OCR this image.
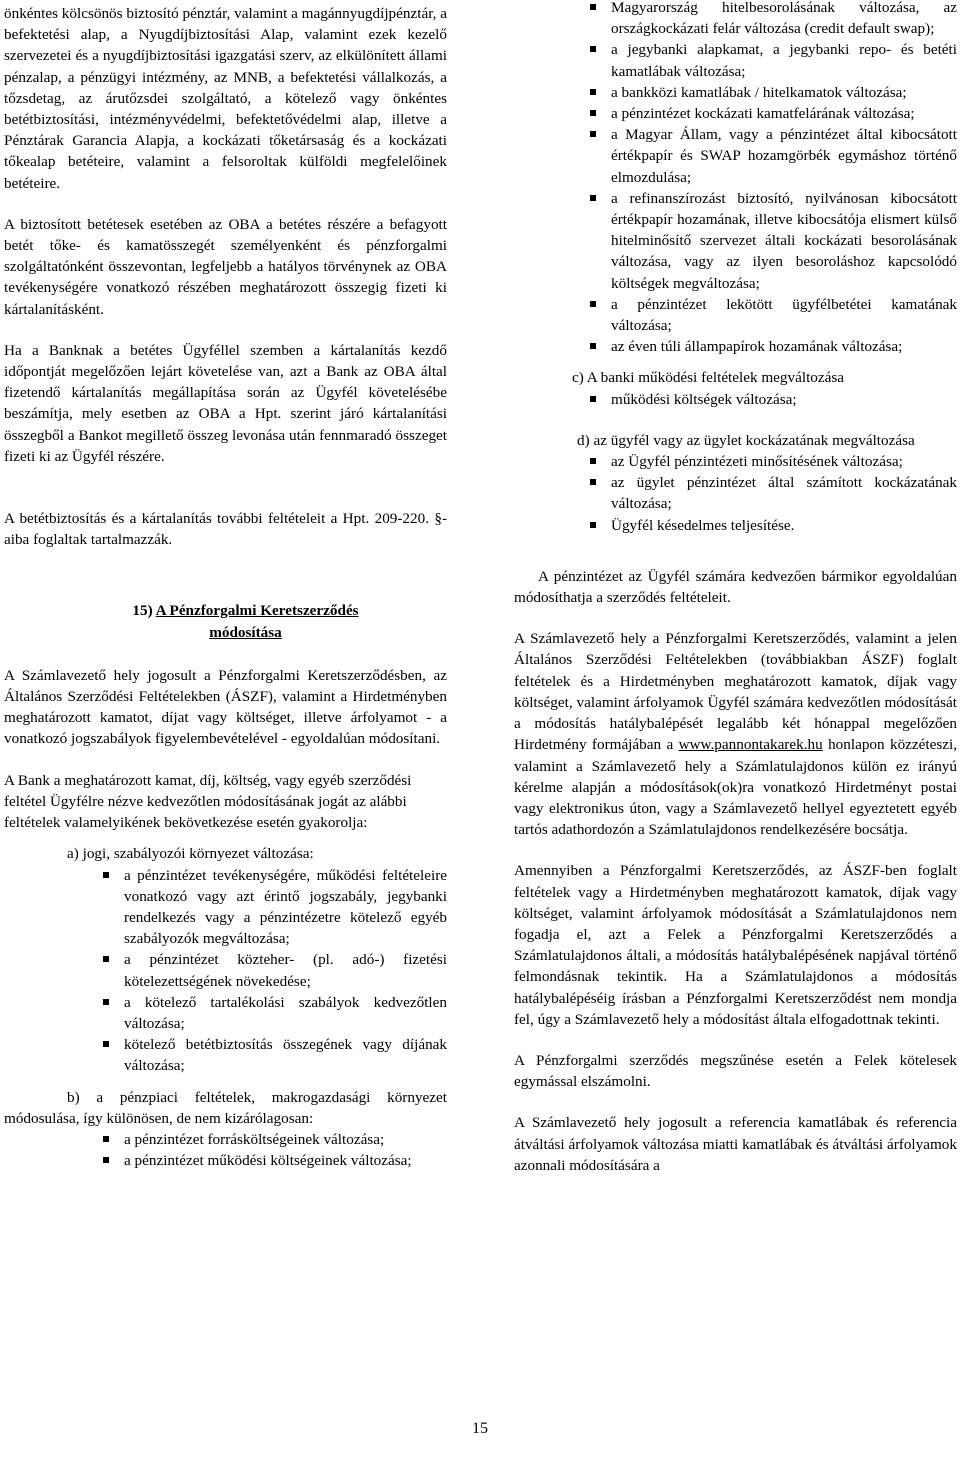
önkéntes kölcsönös biztosító pénztár, valamint a magánnyugdíjpénztár, a befektetési alap, a Nyugdíjbiztosítási Alap, valamint ezek kezelő szervezetei és a nyugdíjbiztosítási igazgatási szerv, az elkülönített állami pénzalap, a pénzügyi intézmény, az MNB, a befektetési vállalkozás, a tőzsdetag, az árutőzsdei szolgáltató, a kötelező vagy önkéntes betétbiztosítási, intézményvédelmi, befektetővédelmi alap, illetve a Pénztárak Garancia Alapja, a kockázati tőketársaság és a kockázati tőkealap betéteire, valamint a felsoroltak külföldi megfelelőinek betéteire.

A biztosított betétesek esetében az OBA a betétes részére a befagyott betét tőke- és kamatösszegét személyenként és pénzforgalmi szolgáltatónként összevontan, legfeljebb a hatályos törvénynek az OBA tevékenységére vonatkozó részében meghatározott összegig fizeti ki kártalanításként.

Ha a Banknak a betétes Ügyféllel szemben a kártalanítás kezdő időpontját megelőzően lejárt követelése van, azt a Bank az OBA által fizetendő kártalanítás megállapítása során az Ügyfél követelésébe beszámítja, mely esetben az OBA a Hpt. szerint járó kártalanítási összegből a Bankot megillető összeg levonása után fennmaradó összeget fizeti ki az Ügyfél részére.

A betétbiztosítás és a kártalanítás további feltételeit a Hpt. 209-220. §-aiba foglaltak tartalmazzák.

15) A Pénzforgalmi Keretszerződés
módosítása

A Számlavezető hely jogosult a Pénzforgalmi Keretszerződésben, az Általános Szerződési Feltételekben (ÁSZF), valamint a Hirdetményben meghatározott kamatot, díjat vagy költséget, illetve árfolyamot - a vonatkozó jogszabályok figyelembevételével - egyoldalúan módosítani.

A Bank a meghatározott kamat, díj, költség, vagy egyéb szerződési feltétel Ügyfélre nézve kedvezőtlen módosításának jogát az alábbi feltételek valamelyikének bekövetkezése esetén gyakorolja:

a) jogi, szabályozói környezet változása:
a pénzintézet tevékenységére, működési feltételeire vonatkozó vagy azt érintő jogszabály, jegybanki rendelkezés vagy a pénzintézetre kötelező egyéb szabályozók megváltozása;
a pénzintézet közteher- (pl. adó-) fizetési kötelezettségének növekedése;
a kötelező tartalékolási szabályok kedvezőtlen változása;
kötelező betétbiztosítás összegének vagy díjának változása;

b) a pénzpiaci feltételek, makrogazdasági környezet módosulása, így különösen, de nem kizárólagosan:

a pénzintézet forrásköltségeinek változása;
a pénzintézet működési költségeinek változása;
Magyarország hitelbesorolásának változása, az országkockázati felár változása (credit default swap);
a jegybanki alapkamat, a jegybanki repo- és betéti kamatlábak változása;
a bankközi kamatlábak / hitelkamatok változása;
a pénzintézet kockázati kamatfelárának változása;
a Magyar Állam, vagy a pénzintézet által kibocsátott értékpapír és SWAP hozamgörbék egymáshoz történő elmozdulása;
a refinanszírozást biztosító, nyilvánosan kibocsátott értékpapír hozamának, illetve kibocsátója elismert külső hitelminősítő szervezet általi kockázati besorolásának változása, vagy az ilyen besoroláshoz kapcsolódó költségek megváltozása;
a pénzintézet lekötött ügyfélbetétei kamatának változása;
az éven túli állampapírok hozamának változása;
c) A banki működési feltételek megváltozása
működési költségek változása;

d) az ügyfél vagy az ügylet kockázatának megváltozása

az Ügyfél pénzintézeti minősítésének változása;
az ügylet pénzintézet által számított kockázatának változása;
Ügyfél késedelmes teljesítése.

A pénzintézet az Ügyfél számára kedvezően bármikor egyoldalúan módosíthatja a szerződés feltételeit.

A Számlavezető hely a Pénzforgalmi Keretszerződés, valamint a jelen Általános Szerződési Feltételekben (továbbiakban ÁSZF) foglalt feltételek és a Hirdetményben meghatározott kamatok, díjak vagy költséget, valamint árfolyamok Ügyfél számára kedvezőtlen módosítását a módosítás hatálybalépését legalább két hónappal megelőzően Hirdetmény formájában a www.pannontakarek.hu honlapon közzéteszi, valamint a Számlavezető hely a Számlatulajdonos külön ez irányú kérelme alapján a módosítások(ok)ra vonatkozó Hirdetményt postai vagy elektronikus úton, vagy a Számlavezető hellyel egyeztetett egyéb tartós adathordozón a Számlatulajdonos rendelkezésére bocsátja.

Amennyiben a Pénzforgalmi Keretszerződés, az ÁSZF-ben foglalt feltételek vagy a Hirdetményben meghatározott kamatok, díjak vagy költséget, valamint árfolyamok módosítását a Számlatulajdonos nem fogadja el, azt a Felek a Pénzforgalmi Keretszerződés a Számlatulajdonos általi, a módosítás hatálybalépésének napjával történő felmondásnak tekintik. Ha a Számlatulajdonos a módosítás hatálybalépéséig írásban a Pénzforgalmi Keretszerződést nem mondja fel, úgy a Számlavezető hely a módosítást általa elfogadottnak tekinti.

A Pénzforgalmi szerződés megszűnése esetén a Felek kötelesek egymással elszámolni.

A Számlavezető hely jogosult a referencia kamatlábak és referencia átváltási árfolyamok változása miatti kamatlábak és átváltási árfolyamok azonnali módosítására a

15
